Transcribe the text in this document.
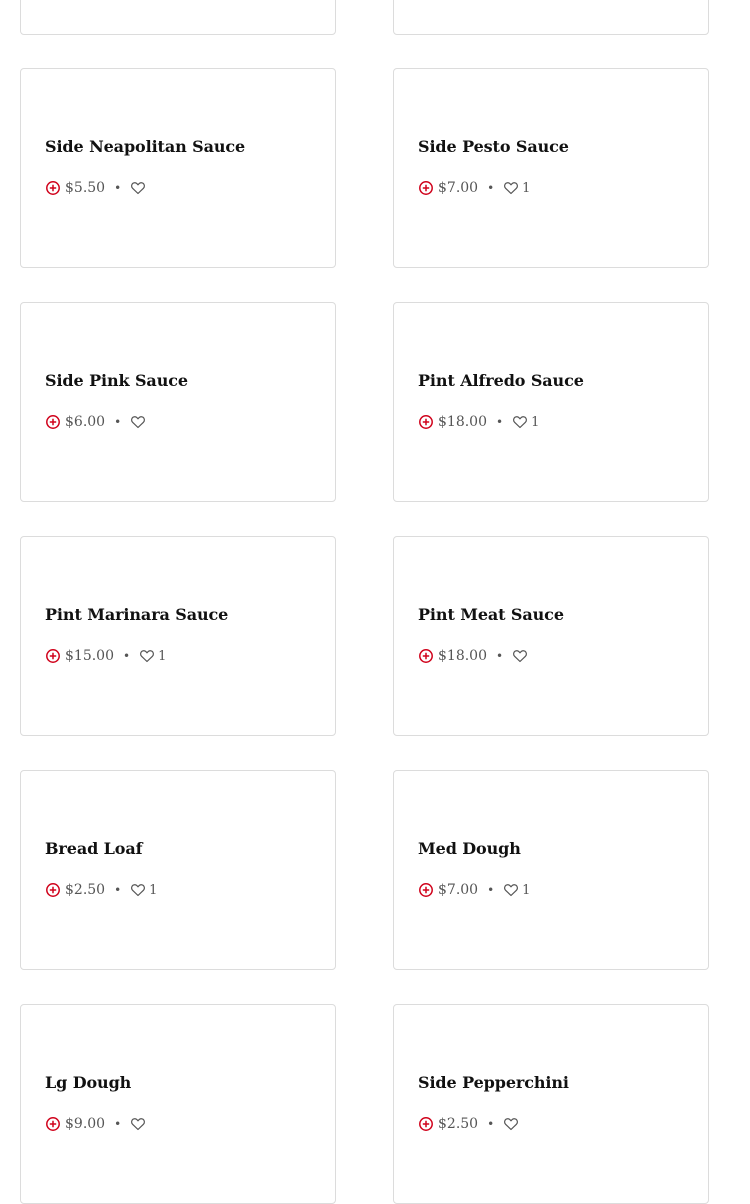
Side Neapolitan Sauce
$5.50 •
Side Pesto Sauce
$7.00 • 1
Side Pink Sauce
$6.00 •
Pint Alfredo Sauce
$18.00 • 1
Pint Marinara Sauce
$15.00 • 1
Pint Meat Sauce
$18.00 •
Bread Loaf
$2.50 • 1
Med Dough
$7.00 • 1
Lg Dough
$9.00 •
Side Pepperchini
$2.50 •
